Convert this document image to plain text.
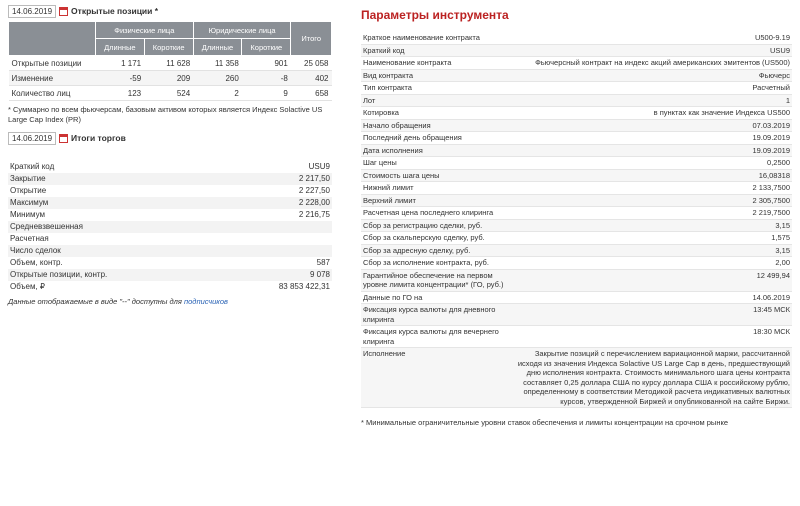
14.06.2019	Открытые позиции *
	Физические лица		Юридические лица		Итого
	Длинные	Короткие	Длинные	Короткие	
Открытые позиции	1 171	11 628	11 358	901	25 058
Изменение	-59	209	260	-8	402
Количество лиц	123	524	2	9	658
* Суммарно по всем фьючерсам, базовым активом которых является Индекс Solactive US Large Cap Index (PR)
14.06.2019	Итоги торгов
Краткий код	USU9
Закрытие	2 217,50
Открытие	2 227,50
Максимум	2 228,00
Минимум	2 216,75
Средневзвешенная	
Расчетная	
Число сделок	
Объем, контр.	587
Открытые позиции, контр.	9 078
Объем, ₽	83 853 422,31
Данные отображаемые в виде "--" доступны для подписчиков
Параметры инструмента
Краткое наименование контракта	U500-9.19
Краткий код	USU9
Наименование контракта	Фьючерсный контракт на индекс акций американских эмитентов (US500)
Вид контракта	Фьючерс
Тип контракта	Расчетный
Лот	1
Котировка	в пунктах как значение Индекса US500
Начало обращения	07.03.2019
Последний день обращения	19.09.2019
Дата исполнения	19.09.2019
Шаг цены	0,2500
Стоимость шага цены	16,08318
Нижний лимит	2 133,7500
Верхний лимит	2 305,7500
Расчетная цена последнего клиринга	2 219,7500
Сбор за регистрацию сделки, руб.	3,15
Сбор за скальперскую сделку, руб.	1,575
Сбор за адресную сделку, руб.	3,15
Сбор за исполнение контракта, руб.	2,00
Гарантийное обеспечение на первом уровне лимита концентрации* (ГО, руб.)	12 499,94
Данные по ГО на	14.06.2019
Фиксация курса валюты для дневного клиринга	13:45 МСК
Фиксация курса валюты для вечернего клиринга	18:30 МСК
Исполнение	Закрытие позиций с перечислением вариационной маржи, рассчитанной исходя из значения Индекса Solactive US Large Cap в день, предшествующий дню исполнения контракта. Стоимость минимального шага цены контракта составляет 0,25 доллара США по курсу доллара США к российскому рублю, определенному в соответствии Методикой расчета индикативных валютных курсов, утвержденной Биржей и опубликованной на сайте Биржи.
* Минимальные ограничительные уровни ставок обеспечения и лимиты концентрации на срочном рынке
